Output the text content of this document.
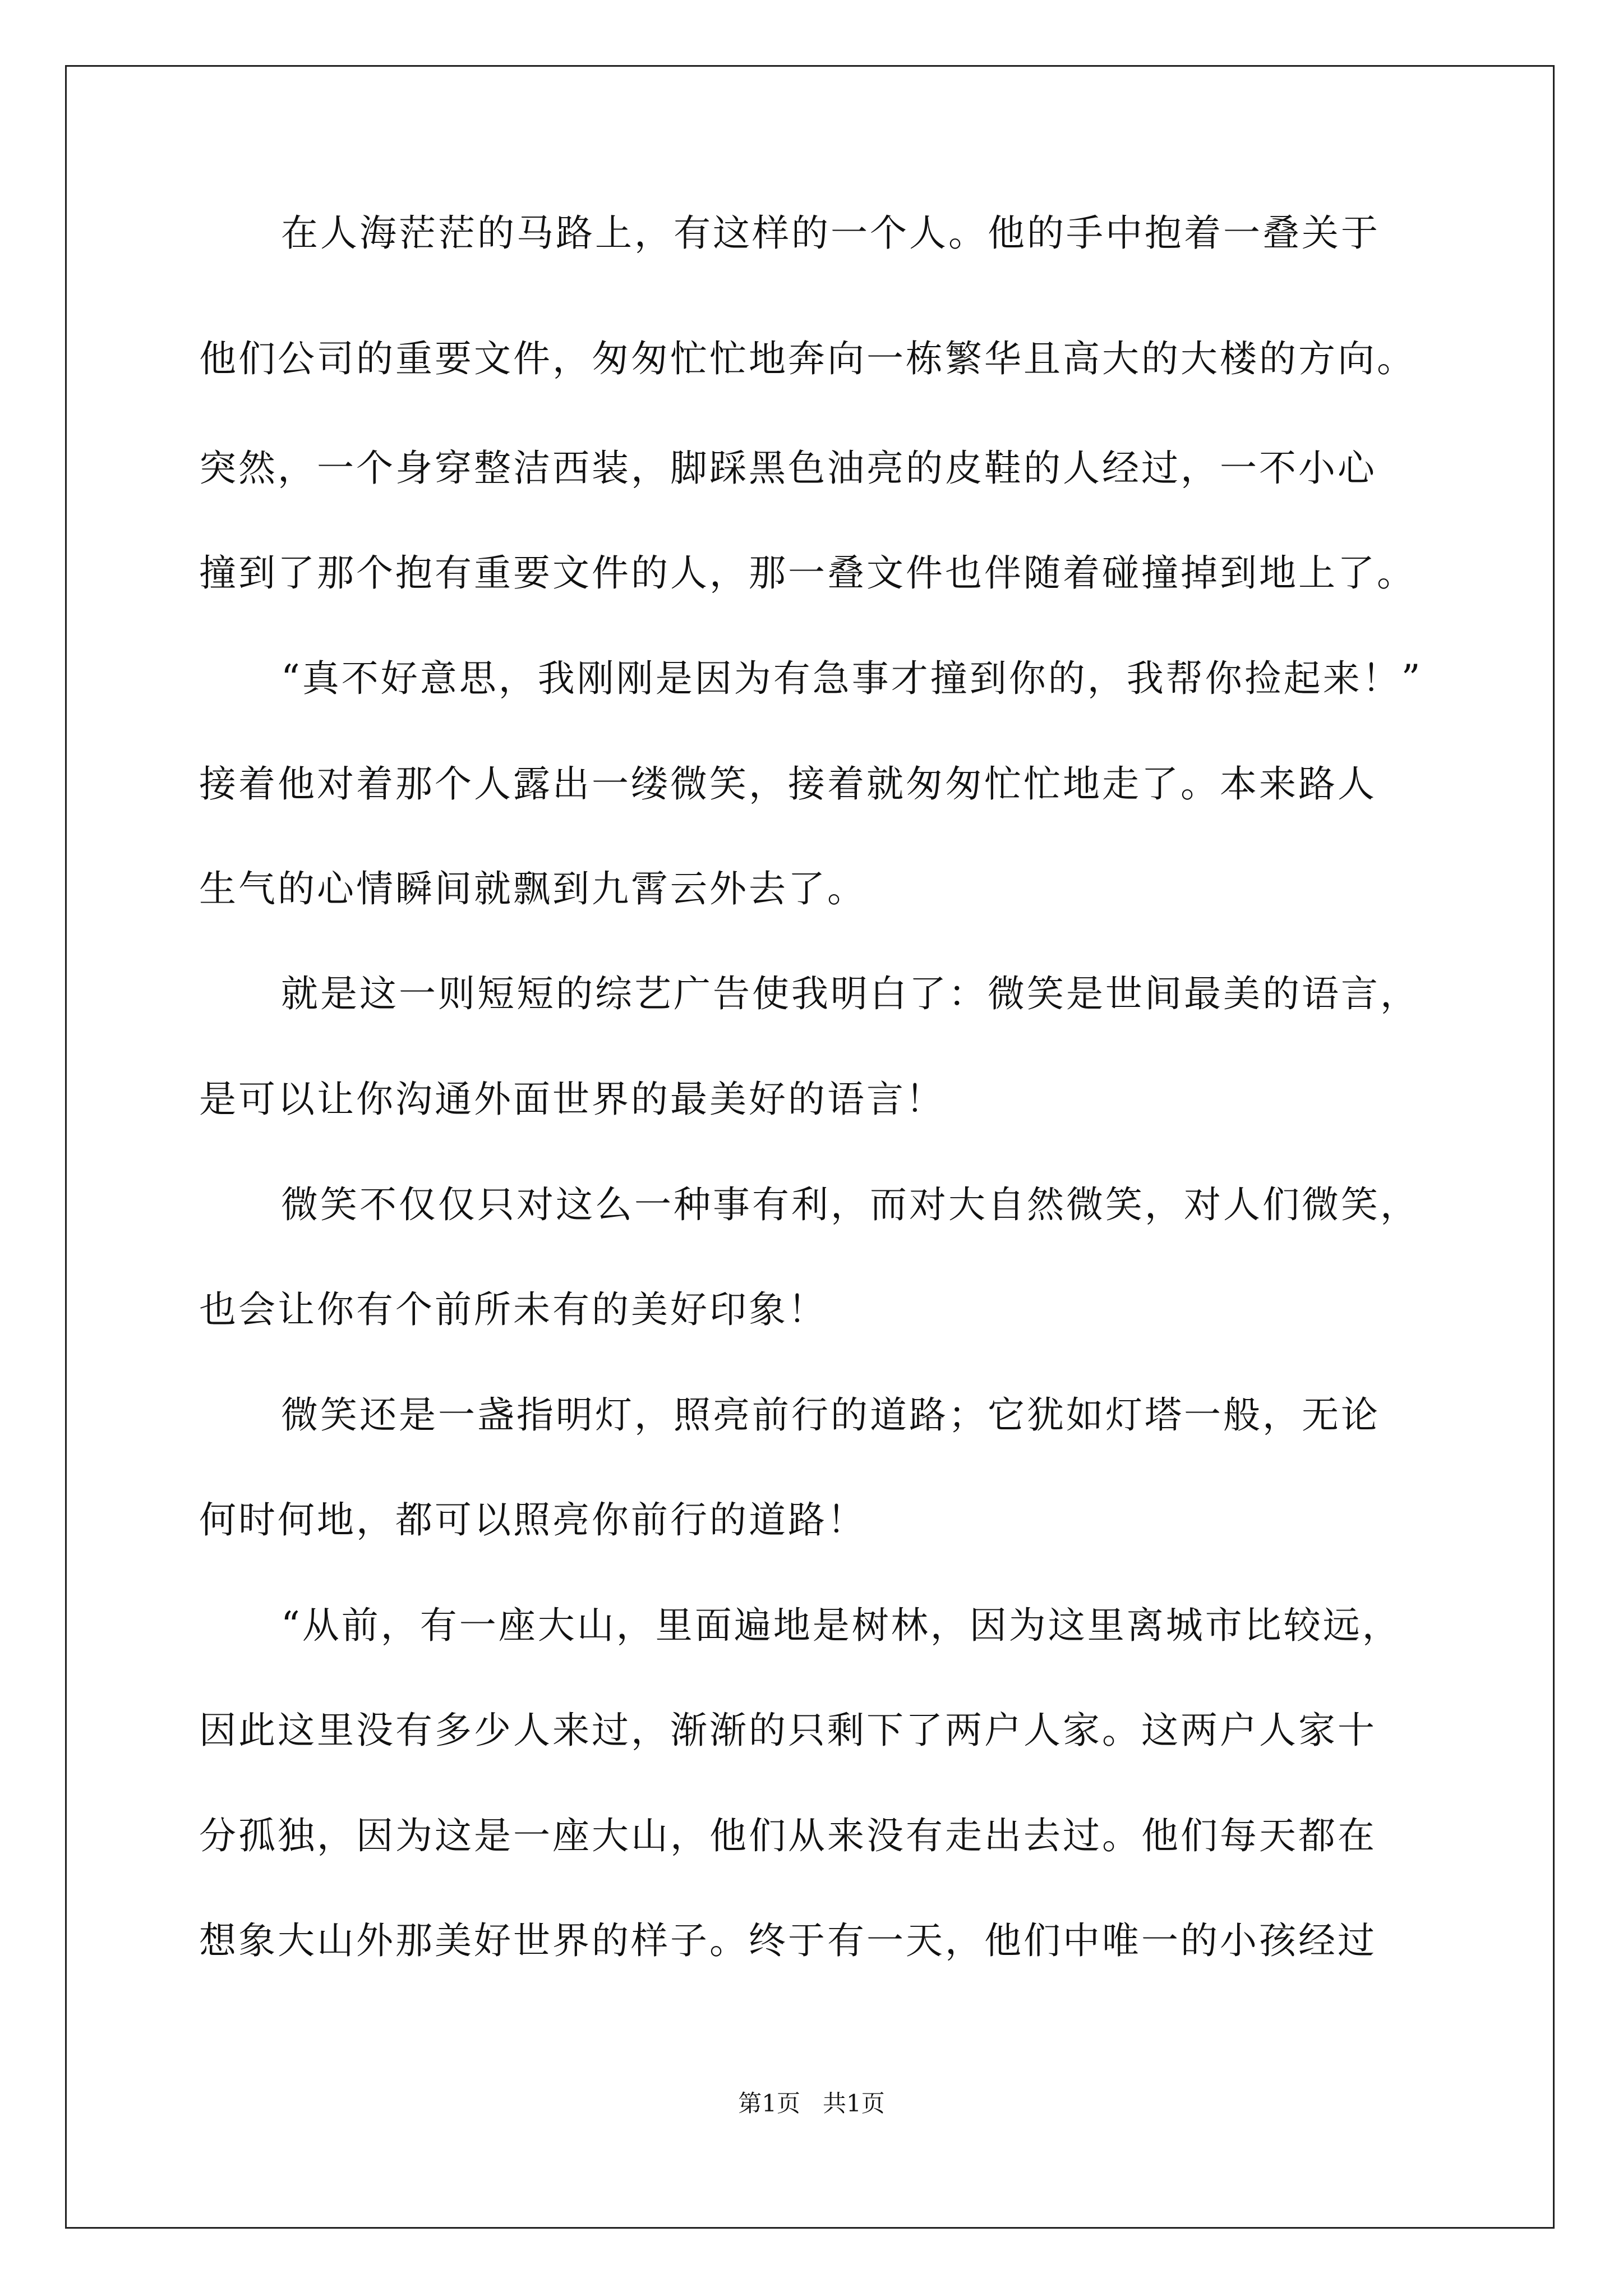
在人海茫茫的马路上，有这样的一个人。他的手中抱着一叠关于
他们公司的重要文件，匆匆忙忙地奔向一栋繁华且高大的大楼的方向。
突然，一个身穿整洁西装，脚踩黑色油亮的皮鞋的人经过，一不小心
撞到了那个抱有重要文件的人，那一叠文件也伴随着碰撞掉到地上了。
“真不好意思，我刚刚是因为有急事才撞到你的，我帮你捡起来！”
接着他对着那个人露出一缕微笑，接着就匆匆忙忙地走了。本来路人
生气的心情瞬间就飘到九霄云外去了。
就是这一则短短的综艺广告使我明白了：微笑是世间最美的语言，
是可以让你沟通外面世界的最美好的语言！
微笑不仅仅只对这么一种事有利，而对大自然微笑，对人们微笑，
也会让你有个前所未有的美好印象！
微笑还是一盏指明灯，照亮前行的道路；它犹如灯塔一般，无论
何时何地，都可以照亮你前行的道路！
“从前，有一座大山，里面遍地是树林，因为这里离城市比较远，
因此这里没有多少人来过，渐渐的只剩下了两户人家。这两户人家十
分孤独，因为这是一座大山，他们从来没有走出去过。他们每天都在
想象大山外那美好世界的样子。终于有一天，他们中唯一的小孩经过
第1页   共1页
